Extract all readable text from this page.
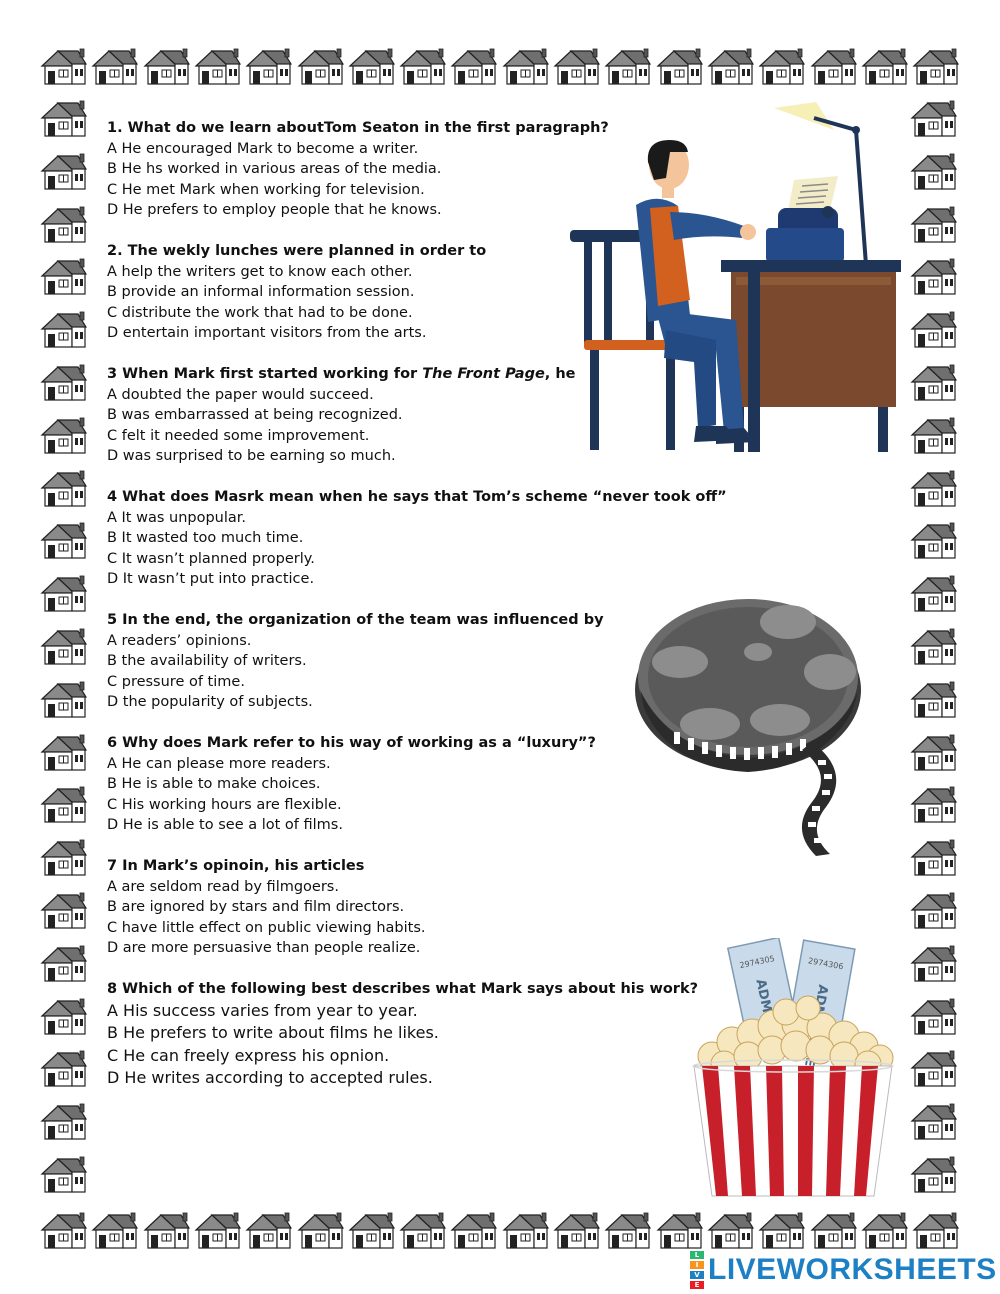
1. What do we learn aboutTom Seaton in the first paragraph?
A He encouraged Mark to become a writer.
B He hs worked in various areas of the media.
C He met Mark when working for television.
D He prefers to employ people that he knows.
2. The wekly lunches were planned in order to
A help the writers get to know each other.
B provide an informal information session.
C distribute the work that had to be done.
D entertain important visitors from the arts.
3 When Mark first started working for The Front Page, he
A doubted the paper would succeed.
B was embarrassed at being recognized.
C felt it needed some improvement.
D was surprised to be earning so much.
4 What does Masrk mean when he says that Tom’s scheme “never took off”
A It was unpopular.
B It wasted too much time.
C It wasn’t planned properly.
D It wasn’t put into practice.
5 In the end, the organization of the team was influenced by
A readers’ opinions.
B the availability of writers.
C pressure of time.
D the popularity of subjects.
6 Why does Mark refer to his way of working as a “luxury”?
A He can please more readers.
B He is able to make choices.
C His working hours are flexible.
D He is able to see a lot of films.
7 In Mark’s opinoin, his articles
A are seldom read by filmgoers.
B are ignored by stars and film directors.
C have little effect on public viewing habits.
D are more persuasive than people realize.
8 Which of the following best describes what Mark says about his work?
A His success varies from year to year.
B He prefers to write about films he likes.
C He can freely express his opnion.
D He writes according to accepted rules.
2974305
ADMIT
2974306
L
I
V
E LIVEWORKSHEETS
